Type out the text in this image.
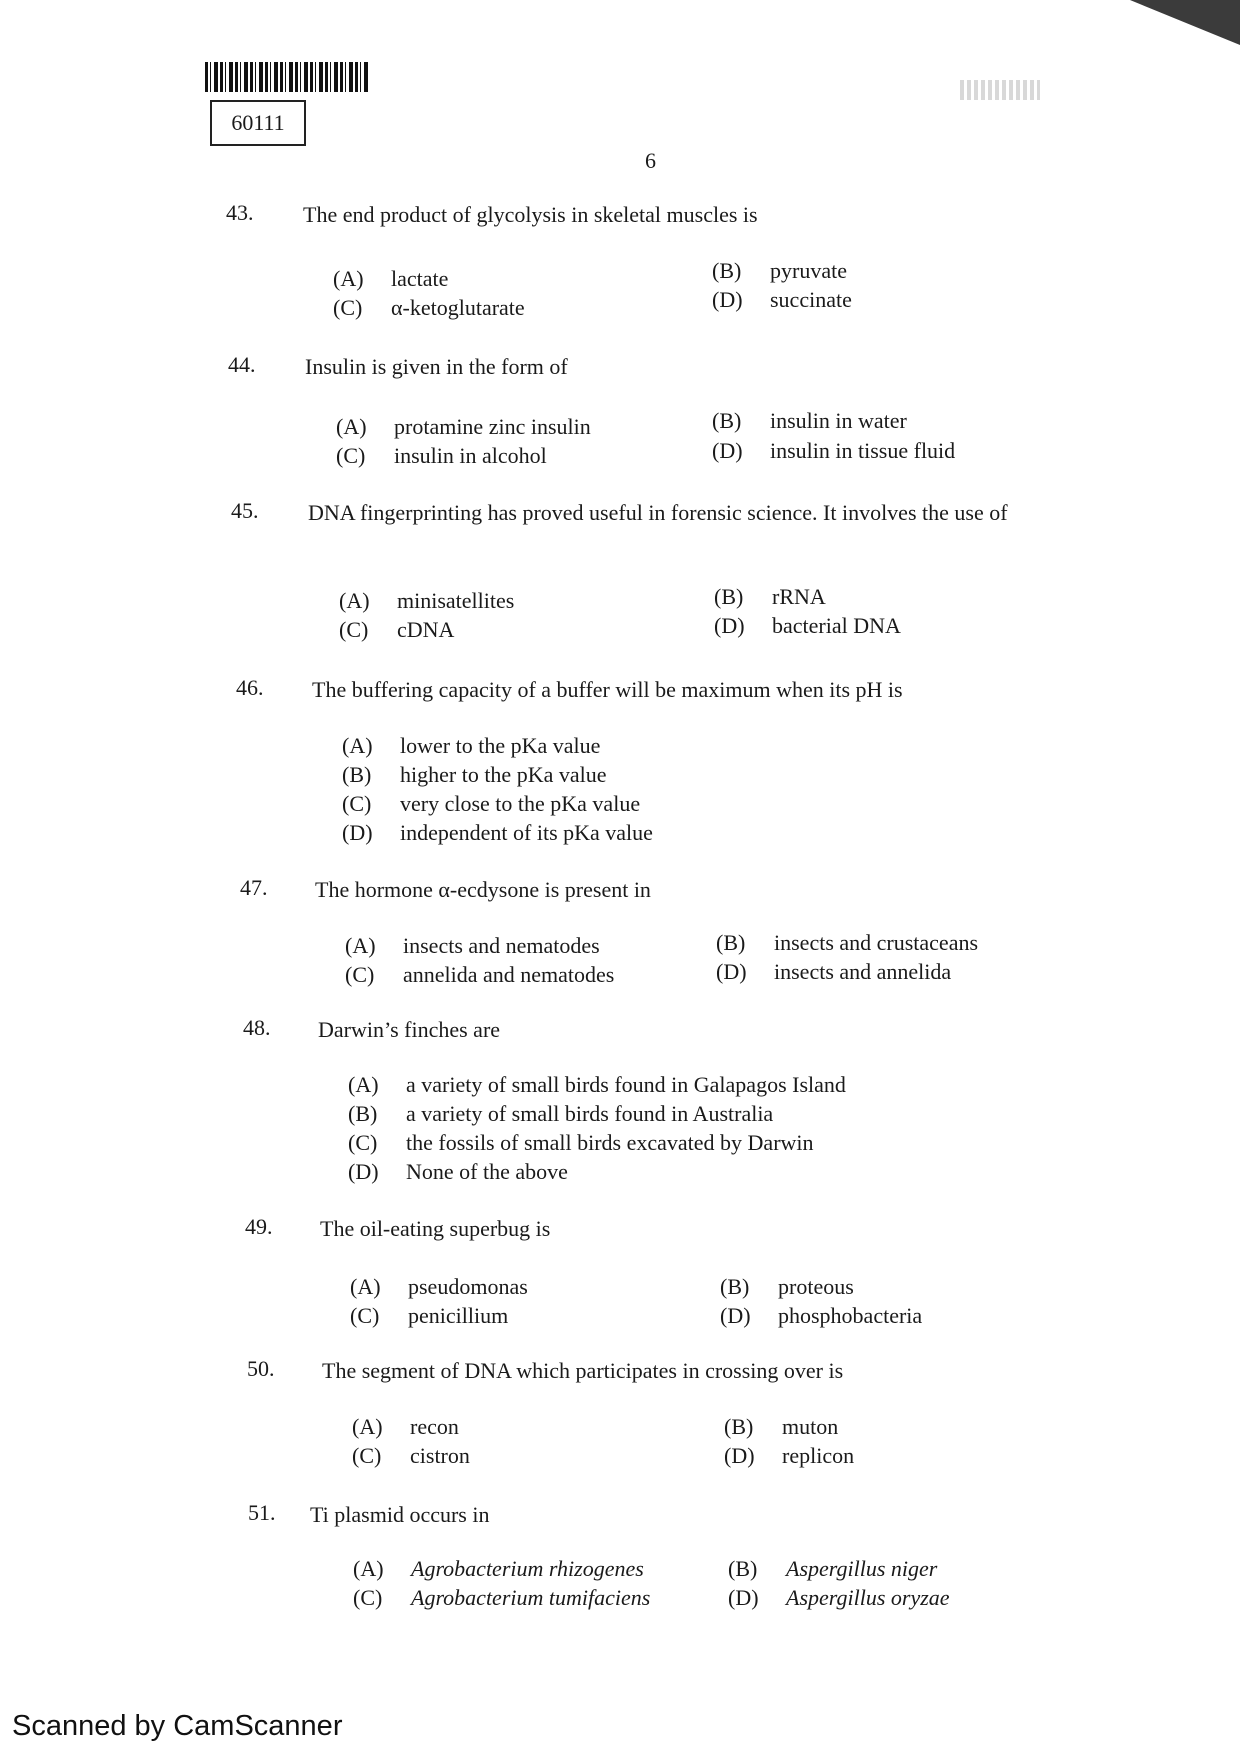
60111
6
43. The end product of glycolysis in skeletal muscles is
(A) lactate	(B) pyruvate
(C) α-ketoglutarate	(D) succinate
44. Insulin is given in the form of
(A) protamine zinc insulin	(B) insulin in water
(C) insulin in alcohol	(D) insulin in tissue fluid
45. DNA fingerprinting has proved useful in forensic science. It involves the use of
(A) minisatellites	(B) rRNA
(C) cDNA	(D) bacterial DNA
46. The buffering capacity of a buffer will be maximum when its pH is
(A) lower to the pKa value
(B) higher to the pKa value
(C) very close to the pKa value
(D) independent of its pKa value
47. The hormone α-ecdysone is present in
(A) insects and nematodes	(B) insects and crustaceans
(C) annelida and nematodes	(D) insects and annelida
48. Darwin’s finches are
(A) a variety of small birds found in Galapagos Island
(B) a variety of small birds found in Australia
(C) the fossils of small birds excavated by Darwin
(D) None of the above
49. The oil-eating superbug is
(A) pseudomonas	(B) proteous
(C) penicillium	(D) phosphobacteria
50. The segment of DNA which participates in crossing over is
(A) recon	(B) muton
(C) cistron	(D) replicon
51. Ti plasmid occurs in
(A) Agrobacterium rhizogenes	(B) Aspergillus niger
(C) Agrobacterium tumifaciens	(D) Aspergillus oryzae
Scanned by CamScanner
